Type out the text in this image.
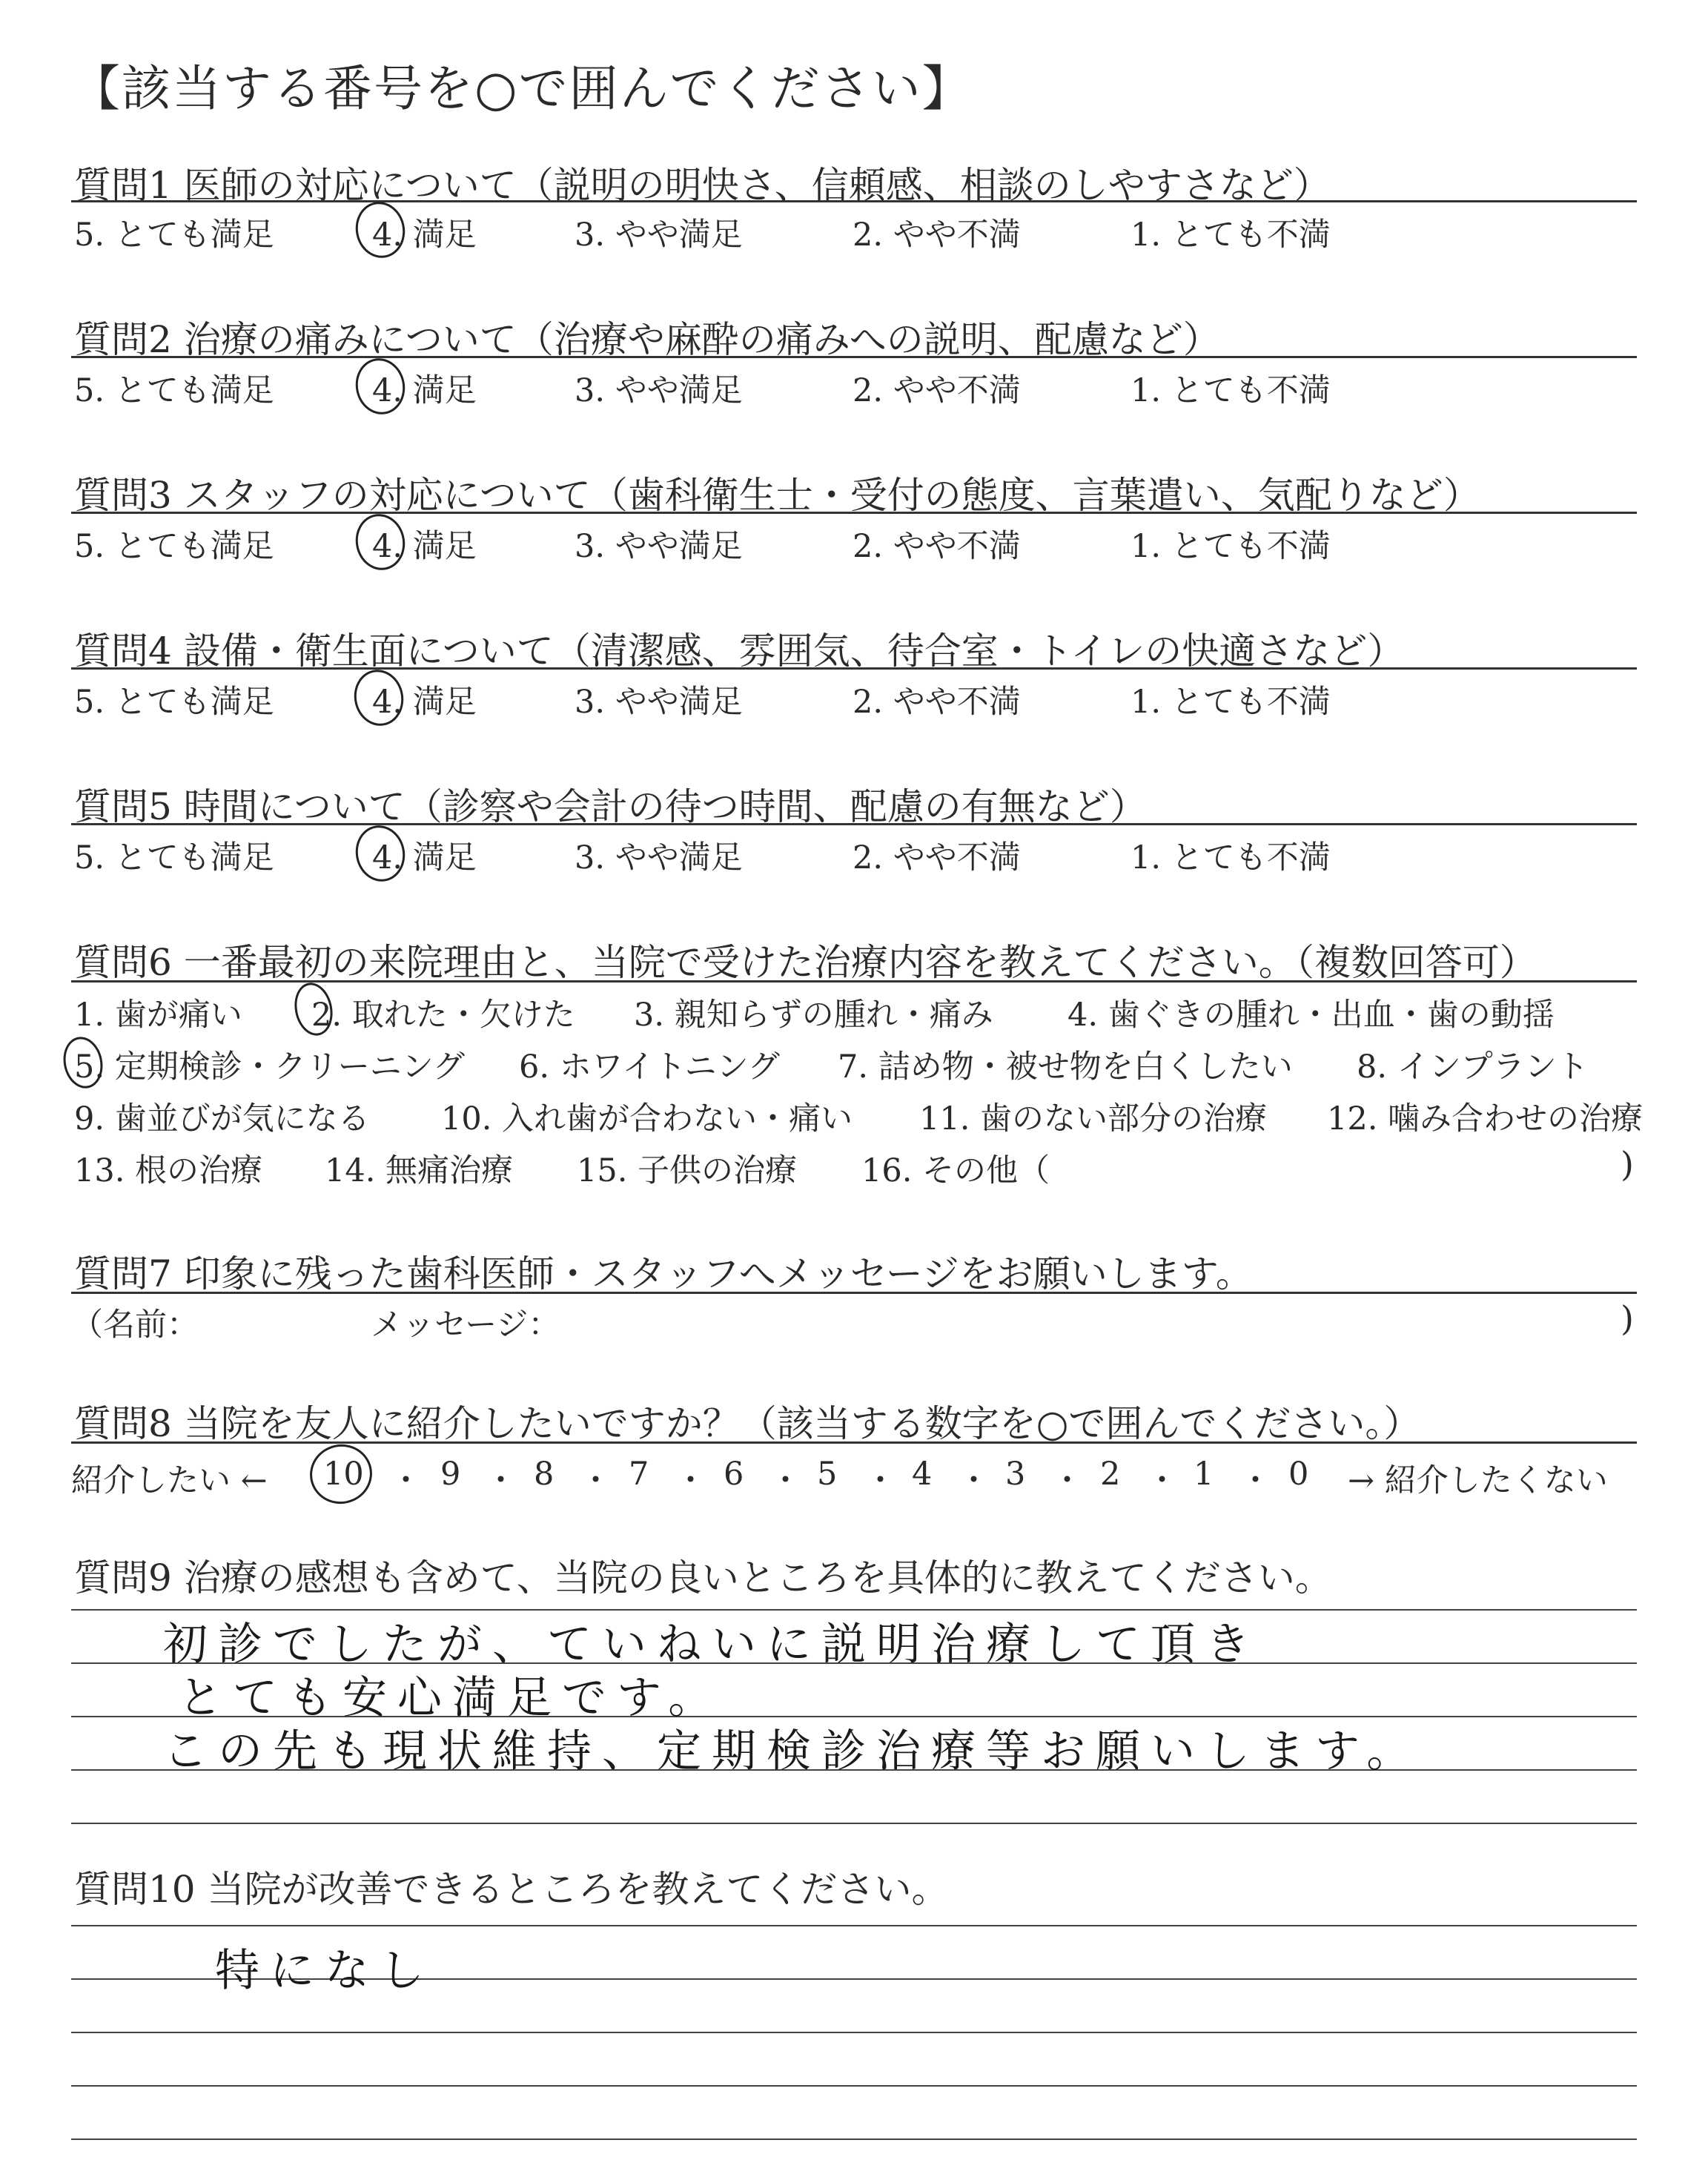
【該当する番号を○で囲んでください】
質問1 医師の対応について（説明の明快さ、信頼感、相談のしやすさなど）
5. とても満足	4. 満足	3. やや満足	2. やや不満	1. とても不満
質問2 治療の痛みについて（治療や麻酔の痛みへの説明、配慮など）
5. とても満足	4. 満足	3. やや満足	2. やや不満	1. とても不満
質問3 スタッフの対応について（歯科衛生士・受付の態度、言葉遣い、気配りなど）
5. とても満足	4. 満足	3. やや満足	2. やや不満	1. とても不満
質問4 設備・衛生面について（清潔感、雰囲気、待合室・トイレの快適さなど）
5. とても満足	4. 満足	3. やや満足	2. やや不満	1. とても不満
質問5 時間について（診察や会計の待つ時間、配慮の有無など）
5. とても満足	4. 満足	3. やや満足	2. やや不満	1. とても不満
質問6 一番最初の来院理由と、当院で受けた治療内容を教えてください。（複数回答可）
1. 歯が痛い 2. 取れた・欠けた 3. 親知らずの腫れ・痛み 4. 歯ぐきの腫れ・出血・歯の動揺
5. 定期検診・クリーニング 6. ホワイトニング 7. 詰め物・被せ物を白くしたい 8. インプラント
9. 歯並びが気になる 10. 入れ歯が合わない・痛い 11. 歯のない部分の治療 12. 噛み合わせの治療
13. 根の治療 14. 無痛治療 15. 子供の治療 16. その他（	)
質問7 印象に残った歯科医師・スタッフへメッセージをお願いします。
（名前：	メッセージ：	)
質問8 当院を友人に紹介したいですか？（該当する数字を○で囲んでください。）
紹介したい ← 10 ・ 9 ・ 8 ・ 7 ・ 6 ・ 5 ・ 4 ・ 3 ・ 2 ・ 1 ・ 0 → 紹介したくない
質問9 治療の感想も含めて、当院の良いところを具体的に教えてください。
初診でしたが、ていねいに説明治療して頂き
とても安心満足です。
この先も現状維持、定期検診治療等お願いします。
質問10 当院が改善できるところを教えてください。
特になし
